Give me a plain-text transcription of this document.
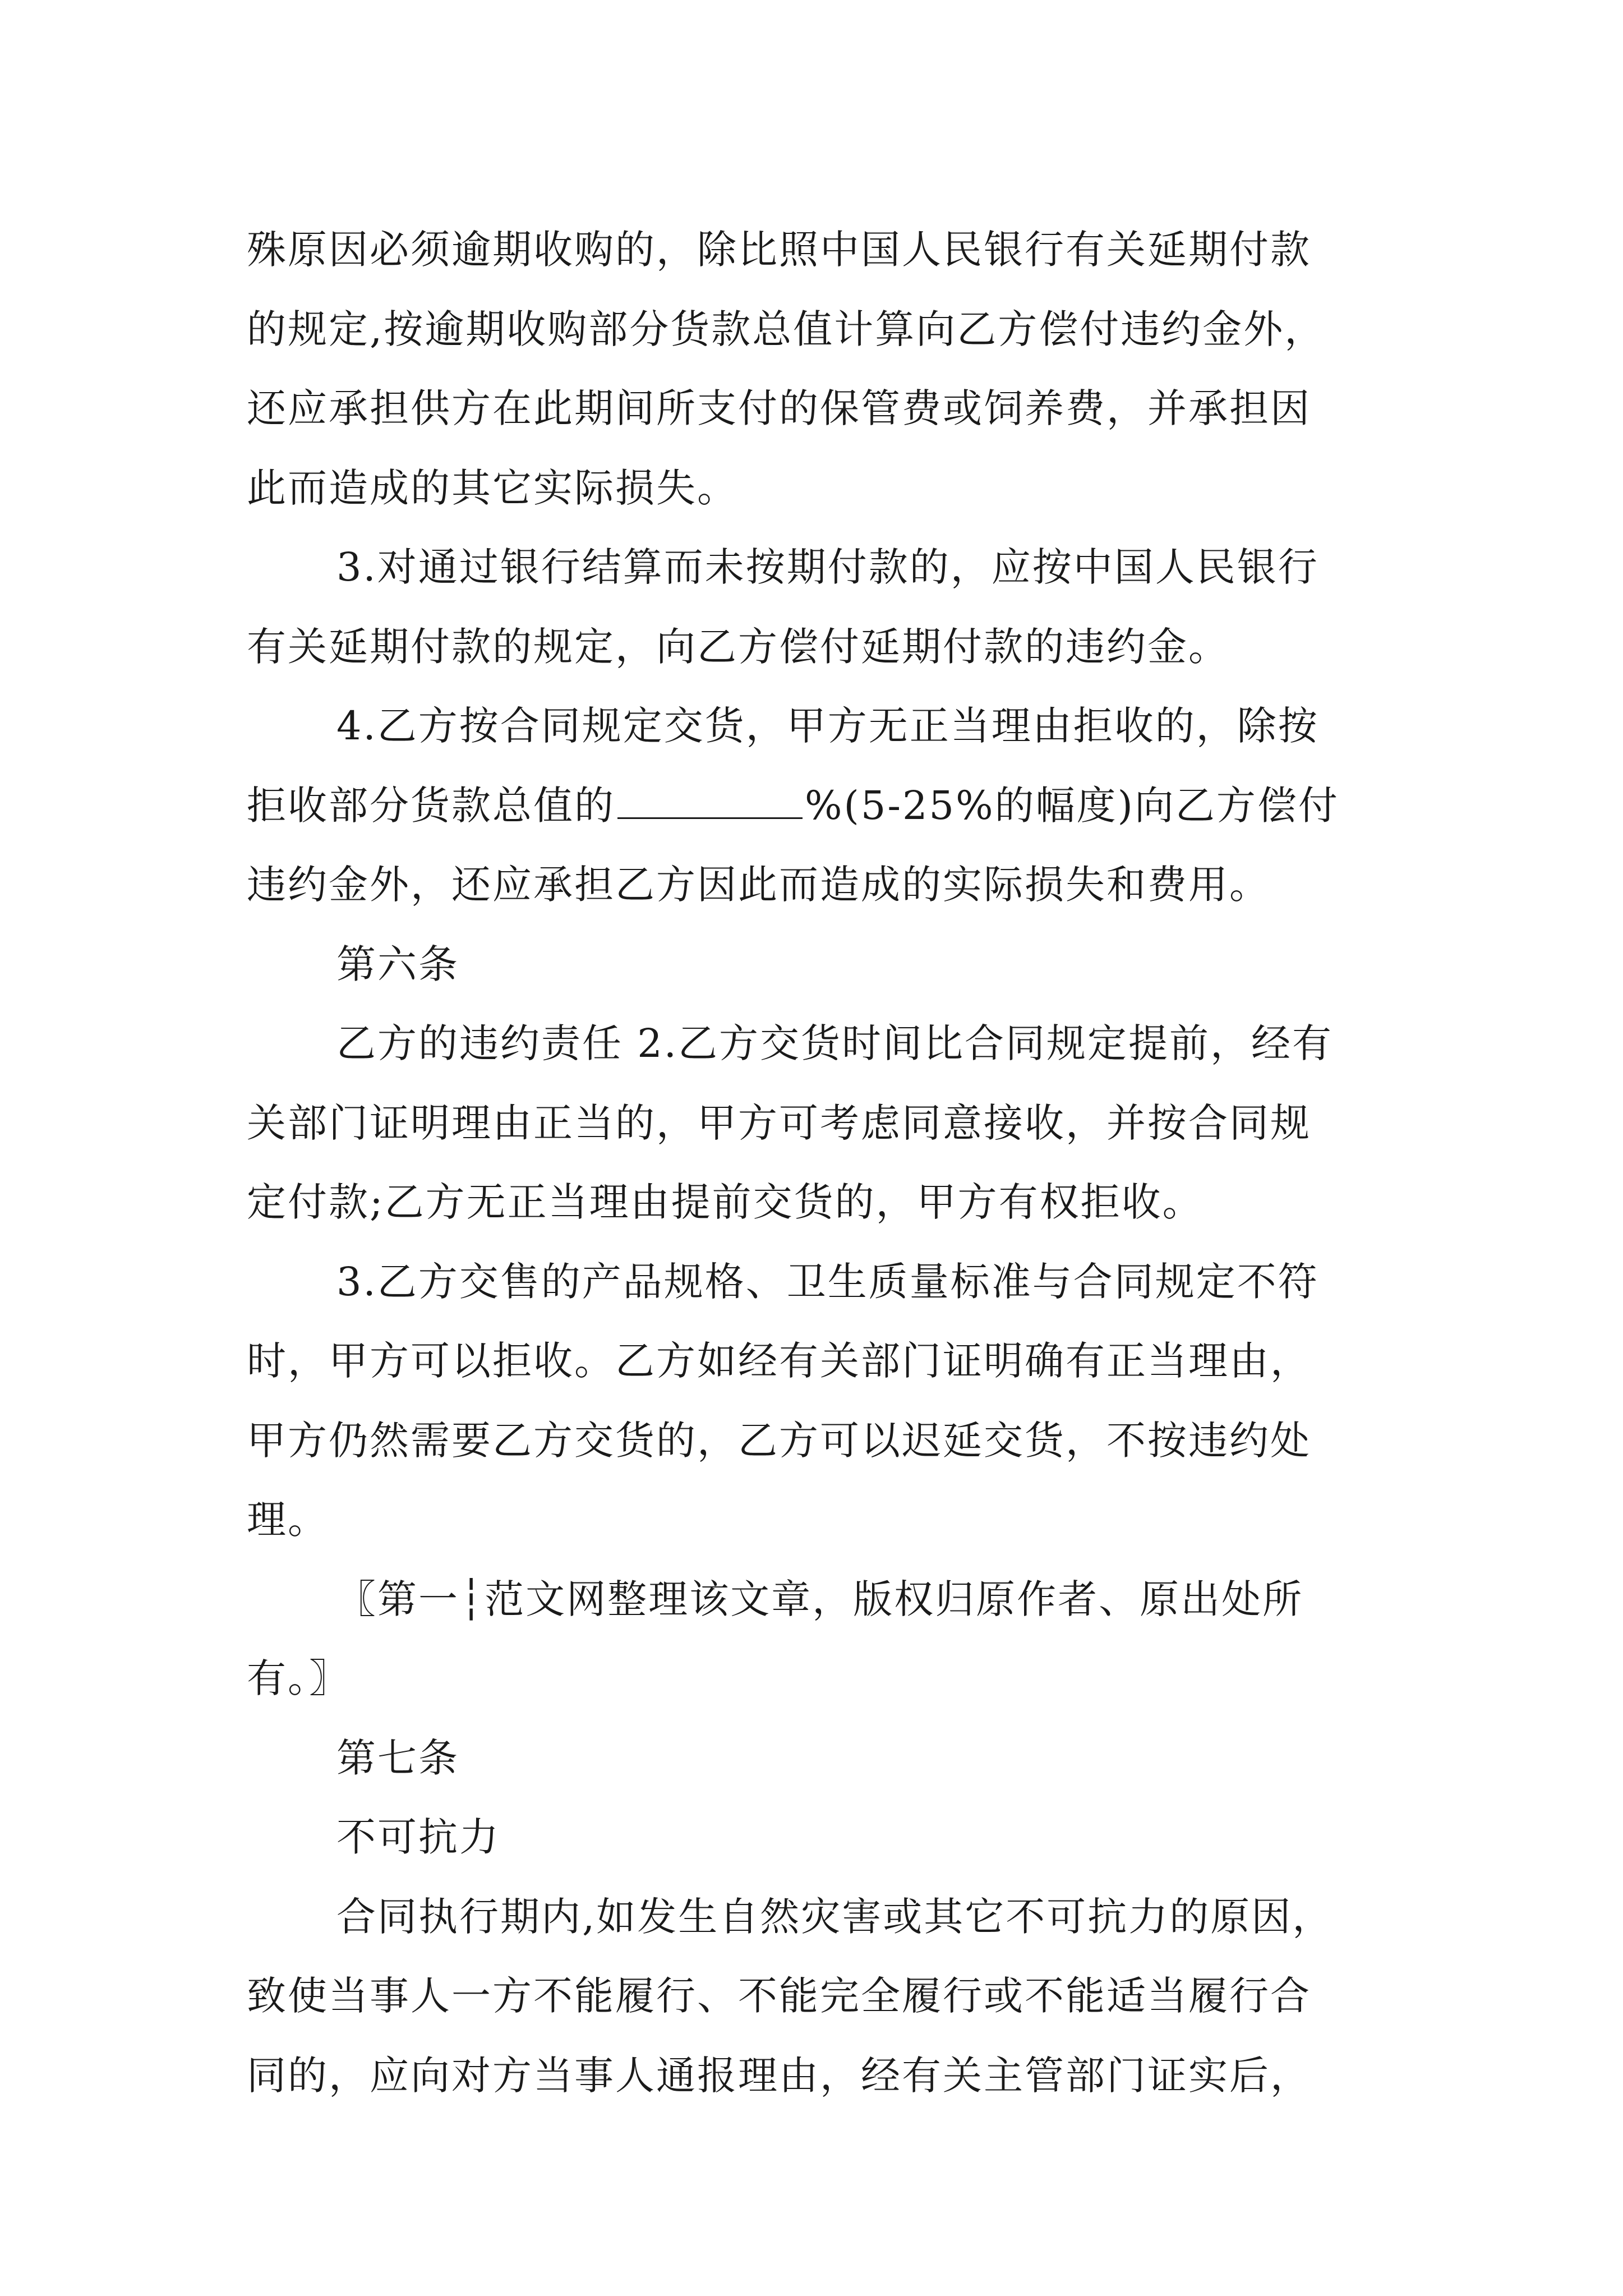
殊原因必须逾期收购的，除比照中国人民银行有关延期付款
的规定,按逾期收购部分货款总值计算向乙方偿付违约金外，
还应承担供方在此期间所支付的保管费或饲养费，并承担因
此而造成的其它实际损失。
3.对通过银行结算而未按期付款的，应按中国人民银行
有关延期付款的规定，向乙方偿付延期付款的违约金。
4.乙方按合同规定交货，甲方无正当理由拒收的，除按
拒收部分货款总值的	%(5-25%的幅度)向乙方偿付
违约金外，还应承担乙方因此而造成的实际损失和费用。
第六条
乙方的违约责任 2.乙方交货时间比合同规定提前，经有
关部门证明理由正当的，甲方可考虑同意接收，并按合同规
定付款;乙方无正当理由提前交货的，甲方有权拒收。
3.乙方交售的产品规格、卫生质量标准与合同规定不符
时，甲方可以拒收。乙方如经有关部门证明确有正当理由，
甲方仍然需要乙方交货的，乙方可以迟延交货，不按违约处
理。
〖第一┆范文网整理该文章，版权归原作者、原出处所
有。〗
第七条
不可抗力
合同执行期内,如发生自然灾害或其它不可抗力的原因，
致使当事人一方不能履行、不能完全履行或不能适当履行合
同的，应向对方当事人通报理由，经有关主管部门证实后，
